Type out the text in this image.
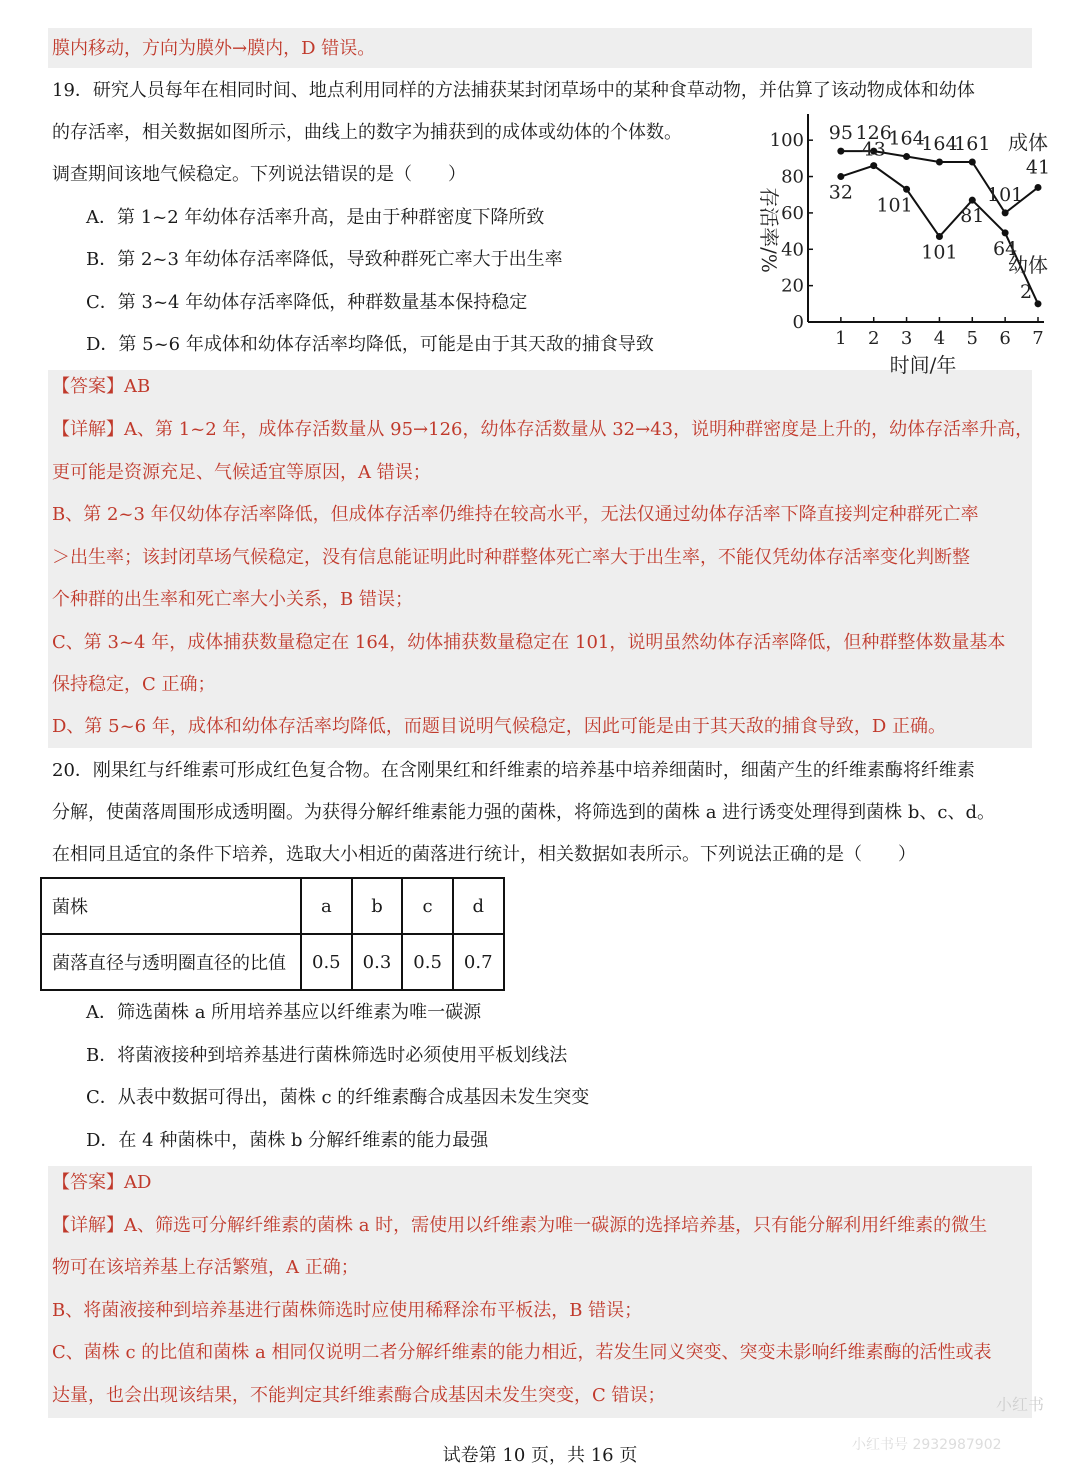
膜内移动，方向为膜外→膜内，D 错误。
19．研究人员每年在相同时间、地点利用同样的方法捕获某封闭草场中的某种食草动物，并估算了该动物成体和幼体
的存活率，相关数据如图所示，曲线上的数字为捕获到的成体或幼体的个体数。
调查期间该地气候稳定。下列说法错误的是（　　）
A．第 1~2 年幼体存活率升高，是由于种群密度下降所致
B．第 2~3 年幼体存活率降低，导致种群死亡率大于出生率
C．第 3~4 年幼体存活率降低，种群数量基本保持稳定
D．第 5~6 年成体和幼体存活率均降低，可能是由于其天敌的捕食导致
【答案】AB
【详解】A、第 1~2 年，成体存活数量从 95→126，幼体存活数量从 32→43，说明种群密度是上升的，幼体存活率升高，
更可能是资源充足、气候适宜等原因，A 错误；
B、第 2~3 年仅幼体存活率降低，但成体存活率仍维持在较高水平，无法仅通过幼体存活率下降直接判定种群死亡率
＞出生率；该封闭草场气候稳定，没有信息能证明此时种群整体死亡率大于出生率，不能仅凭幼体存活率变化判断整
个种群的出生率和死亡率大小关系，B 错误；
C、第 3~4 年，成体捕获数量稳定在 164，幼体捕获数量稳定在 101，说明虽然幼体存活率降低，但种群整体数量基本
保持稳定，C 正确；
D、第 5~6 年，成体和幼体存活率均降低，而题目说明气候稳定，因此可能是由于其天敌的捕食导致，D 正确。
0
20
40
60
80
100
1 2 3 4 5 6 7
95 126
164
164
161
101
41
成体
32
43
101
101
81
64
2
幼体
存活率/%
时间/年
20．刚果红与纤维素可形成红色复合物。在含刚果红和纤维素的培养基中培养细菌时，细菌产生的纤维素酶将纤维素
分解，使菌落周围形成透明圈。为获得分解纤维素能力强的菌株，将筛选到的菌株 a 进行诱变处理得到菌株 b、c、d。
在相同且适宜的条件下培养，选取大小相近的菌落进行统计，相关数据如表所示。下列说法正确的是（　　）
菌株	a	b	c	d
菌落直径与透明圈直径的比值	0.5	0.3	0.5	0.7
A．筛选菌株 a 所用培养基应以纤维素为唯一碳源
B．将菌液接种到培养基进行菌株筛选时必须使用平板划线法
C．从表中数据可得出，菌株 c 的纤维素酶合成基因未发生突变
D．在 4 种菌株中，菌株 b 分解纤维素的能力最强
【答案】AD
【详解】A、筛选可分解纤维素的菌株 a 时，需使用以纤维素为唯一碳源的选择培养基，只有能分解利用纤维素的微生
物可在该培养基上存活繁殖，A 正确；
B、将菌液接种到培养基进行菌株筛选时应使用稀释涂布平板法，B 错误；
C、菌株 c 的比值和菌株 a 相同仅说明二者分解纤维素的能力相近，若发生同义突变、突变未影响纤维素酶的活性或表
达量，也会出现该结果，不能判定其纤维素酶合成基因未发生突变，C 错误；	小红书
小红书号 2932987902
试卷第 10 页，共 16 页
